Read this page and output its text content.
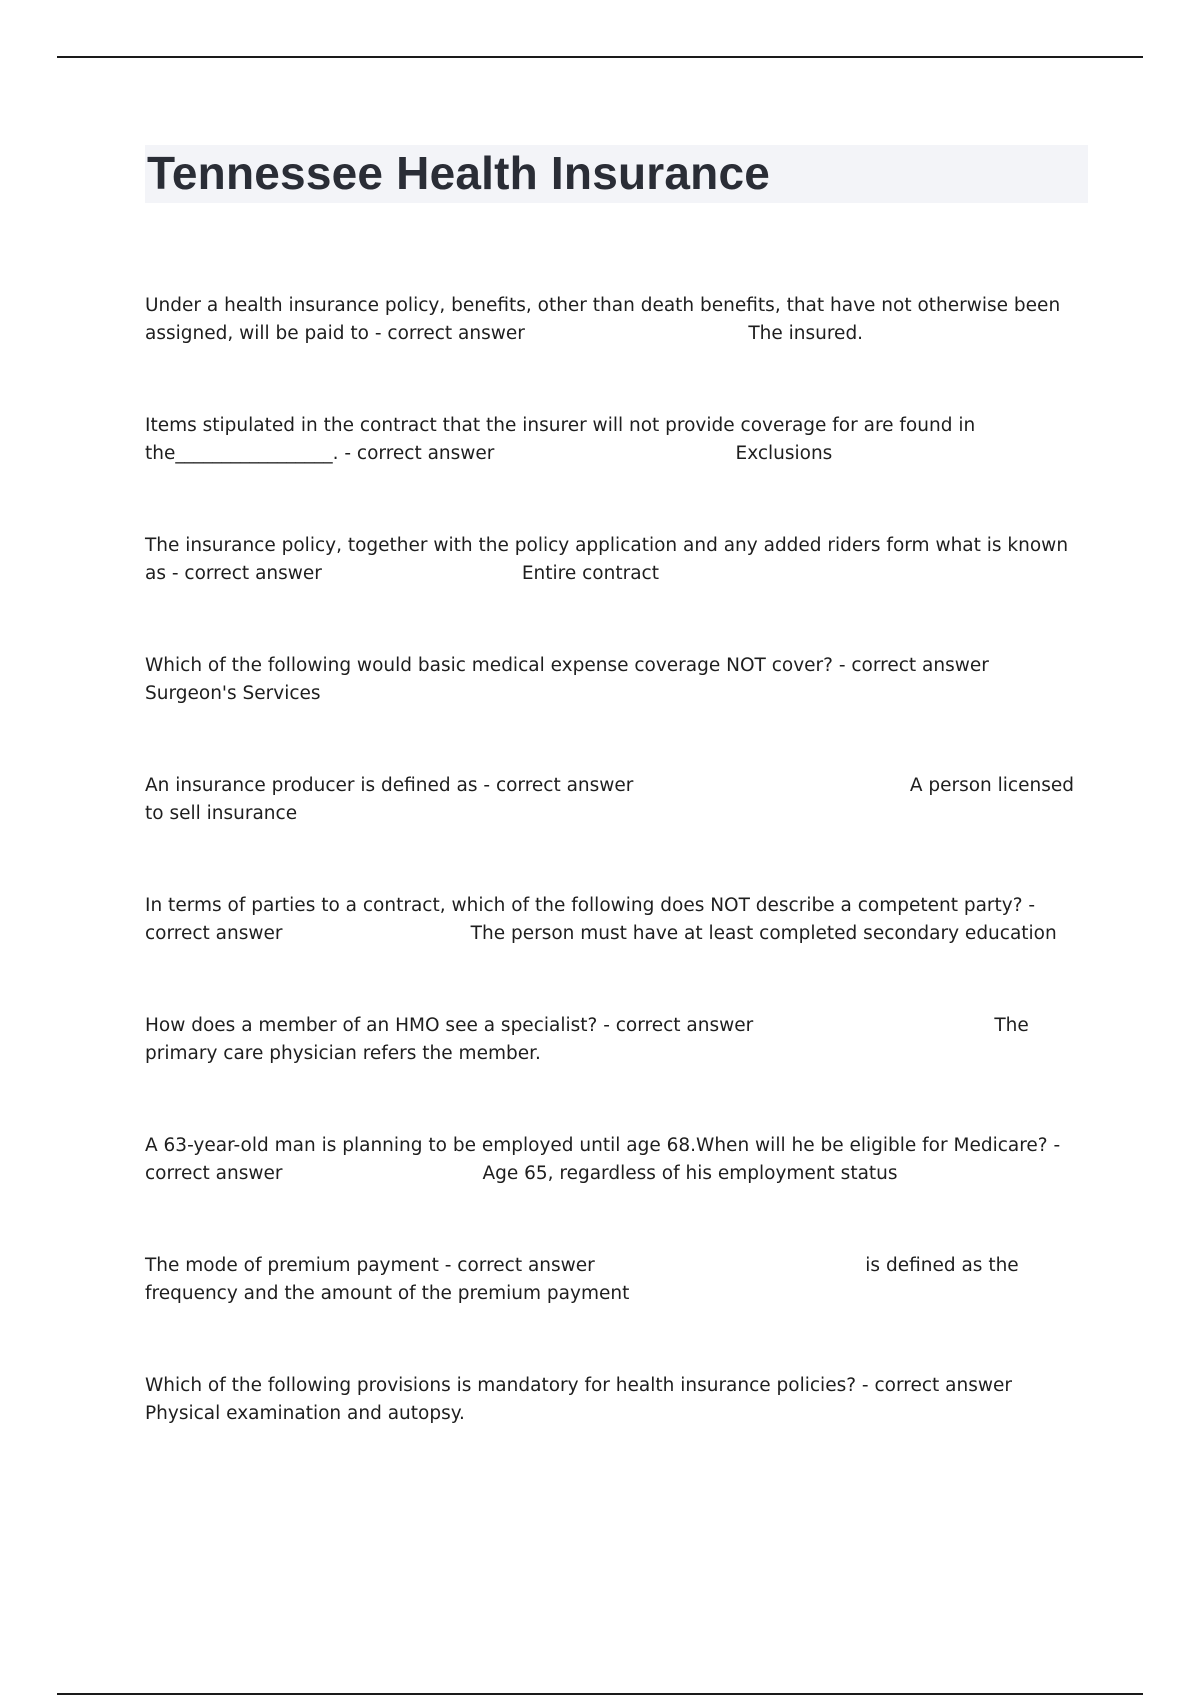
Tennessee Health Insurance

Under a health insurance policy, benefits, other than death benefits, that have not otherwise been assigned, will be paid to - correct answer	The insured.

Items stipulated in the contract that the insurer will not provide coverage for are found in the_________________. - correct answer	Exclusions

The insurance policy, together with the policy application and any added riders form what is known as - correct answer	Entire contract

Which of the following would basic medical expense coverage NOT cover? - correct answer                          Surgeon's Services

An insurance producer is defined as - correct answer	A person licensed to sell insurance

In terms of parties to a contract, which of the following does NOT describe a competent party? - correct answer	The person must have at least completed secondary education

How does a member of an HMO see a specialist? - correct answer	The primary care physician refers the member.

A 63-year-old man is planning to be employed until age 68.When will he be eligible for Medicare? - correct answer	Age 65, regardless of his employment status

The mode of premium payment - correct answer	is defined as the frequency and the amount of the premium payment

Which of the following provisions is mandatory for health insurance policies? - correct answer     Physical examination and autopsy.
